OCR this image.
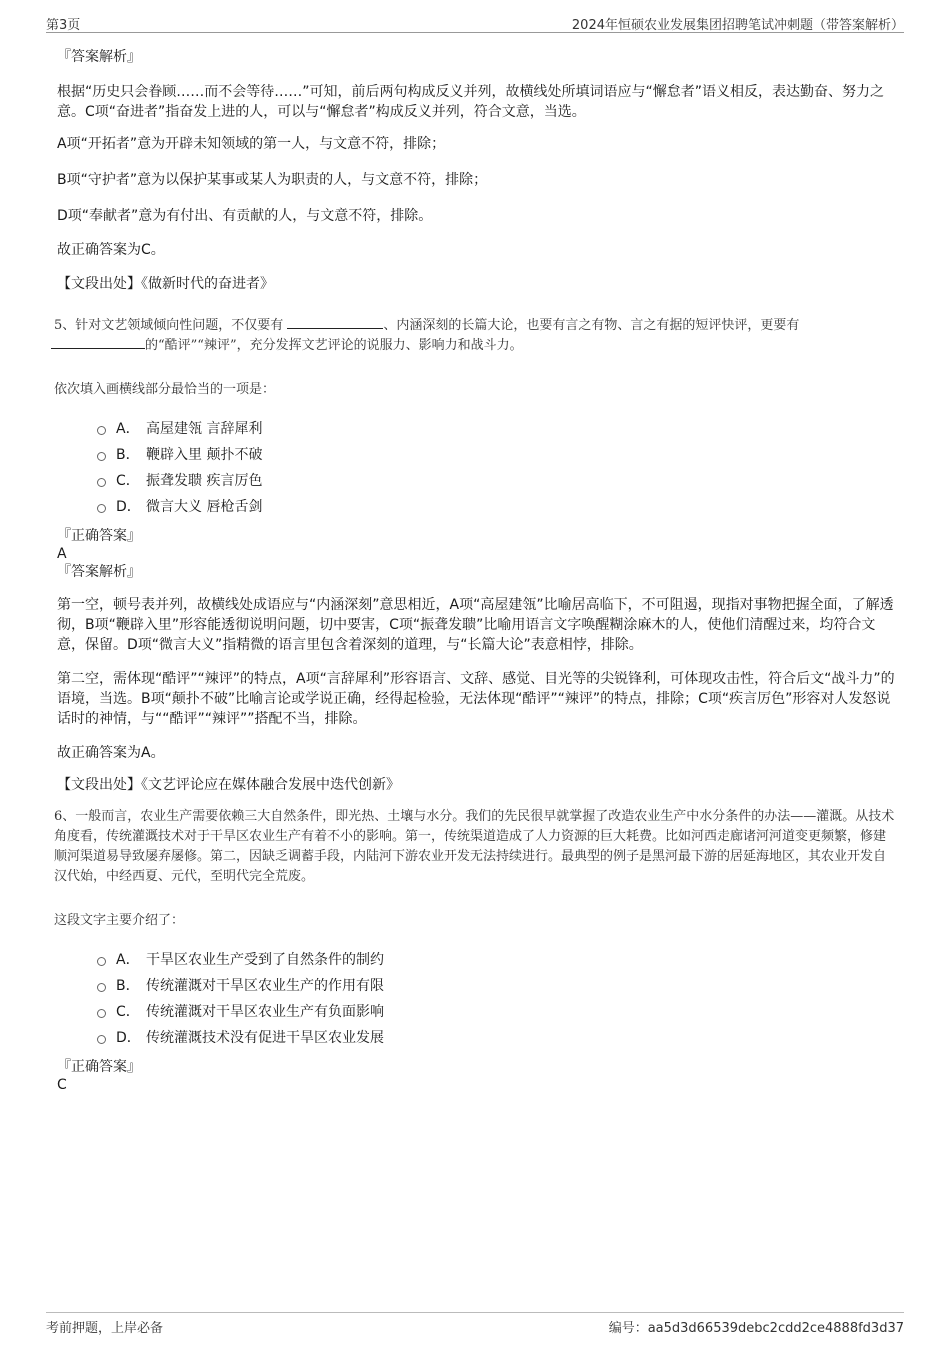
第3页	2024年恒硕农业发展集团招聘笔试冲刺题（带答案解析）
『答案解析』

根据“历史只会眷顾……而不会等待……”可知，前后两句构成反义并列，故横线处所填词语应与“懈怠者”语义相反，表达勤奋、努力之意。C项“奋进者”指奋发上进的人，可以与“懈怠者”构成反义并列，符合文意，当选。

A项“开拓者”意为开辟未知领域的第一人，与文意不符，排除；

B项“守护者”意为以保护某事或某人为职责的人，与文意不符，排除；

D项“奉献者”意为有付出、有贡献的人，与文意不符，排除。

故正确答案为C。

【文段出处】《做新时代的奋进者》

5、针对文艺领域倾向性问题，不仅要有	、内涵深刻的长篇大论，也要有言之有物、言之有据的短评快评，更要有
的“酷评”“辣评”，充分发挥文艺评论的说服力、影响力和战斗力。
依次填入画横线部分最恰当的一项是：
A． 高屋建瓴 言辞犀利
B． 鞭辟入里 颠扑不破
C． 振聋发聩 疾言厉色
D． 微言大义 唇枪舌剑
『正确答案』
A
『答案解析』

第一空，顿号表并列，故横线处成语应与“内涵深刻”意思相近，A项“高屋建瓴”比喻居高临下，不可阻遏，现指对事物把握全面，了解透彻，B项“鞭辟入里”形容能透彻说明问题，切中要害，C项“振聋发聩”比喻用语言文字唤醒糊涂麻木的人，使他们清醒过来，均符合文意，保留。D项“微言大义”指精微的语言里包含着深刻的道理，与“长篇大论”表意相悖，排除。

第二空，需体现“酷评”“辣评”的特点，A项“言辞犀利”形容语言、文辞、感觉、目光等的尖锐锋利，可体现攻击性，符合后文“战斗力”的语境，当选。B项“颠扑不破”比喻言论或学说正确，经得起检验，无法体现“酷评”“辣评”的特点，排除；C项“疾言厉色”形容对人发怒说话时的神情，与““酷评”“辣评””搭配不当，排除。

故正确答案为A。

【文段出处】《文艺评论应在媒体融合发展中迭代创新》

6、一般而言，农业生产需要依赖三大自然条件，即光热、土壤与水分。我们的先民很早就掌握了改造农业生产中水分条件的办法——灌溉。从技术角度看，传统灌溉技术对于干旱区农业生产有着不小的影响。第一，传统渠道造成了人力资源的巨大耗费。比如河西走廊诸河河道变更频繁，修建顺河渠道易导致屡弃屡修。第二，因缺乏调蓄手段，内陆河下游农业开发无法持续进行。最典型的例子是黑河最下游的居延海地区，其农业开发自汉代始，中经西夏、元代，至明代完全荒废。
这段文字主要介绍了：
A． 干旱区农业生产受到了自然条件的制约
B． 传统灌溉对干旱区农业生产的作用有限
C． 传统灌溉对干旱区农业生产有负面影响
D． 传统灌溉技术没有促进干旱区农业发展
『正确答案』
C
考前押题，上岸必备	编号：aa5d3d66539debc2cdd2ce4888fd3d37
